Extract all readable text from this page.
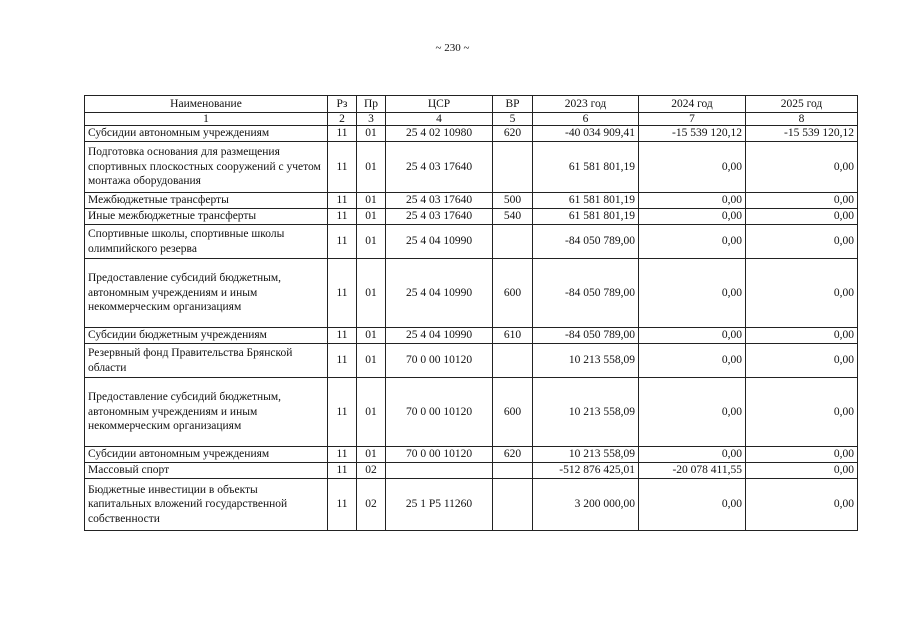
~ 230 ~
Наименование	Рз	Пр	ЦСР	ВР	2023 год	2024 год	2025 год
1	2	3	4	5	6	7	8
Субсидии автономным учреждениям	11	01	25 4 02 10980	620	-40 034 909,41	-15 539 120,12	-15 539 120,12
Подготовка основания для размещения спортивных плоскостных сооружений с учетом монтажа оборудования	11	01	25 4 03 17640		61 581 801,19	0,00	0,00
Межбюджетные трансферты	11	01	25 4 03 17640	500	61 581 801,19	0,00	0,00
Иные межбюджетные трансферты	11	01	25 4 03 17640	540	61 581 801,19	0,00	0,00
Спортивные школы, спортивные школы олимпийского резерва	11	01	25 4 04 10990		-84 050 789,00	0,00	0,00
Предоставление субсидий бюджетным, автономным учреждениям и иным некоммерческим организациям	11	01	25 4 04 10990	600	-84 050 789,00	0,00	0,00
Субсидии бюджетным учреждениям	11	01	25 4 04 10990	610	-84 050 789,00	0,00	0,00
Резервный фонд Правительства Брянской области	11	01	70 0 00 10120		10 213 558,09	0,00	0,00
Предоставление субсидий бюджетным, автономным учреждениям и иным некоммерческим организациям	11	01	70 0 00 10120	600	10 213 558,09	0,00	0,00
Субсидии автономным учреждениям	11	01	70 0 00 10120	620	10 213 558,09	0,00	0,00
Массовый спорт	11	02			-512 876 425,01	-20 078 411,55	0,00
Бюджетные инвестиции в объекты капитальных вложений государственной собственности	11	02	25 1 P5 11260		3 200 000,00	0,00	0,00
